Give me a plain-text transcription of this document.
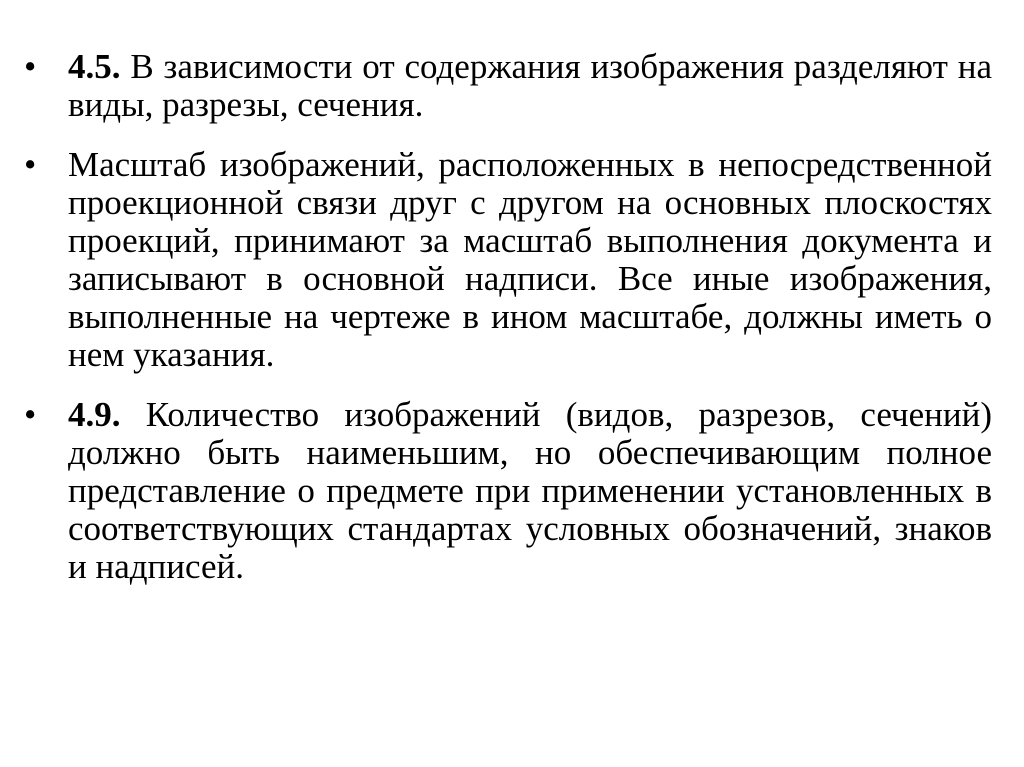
• 4.5. В зависимости от содержания изображения разделяют на виды, разрезы, сечения.
• Масштаб изображений, расположенных в непосредственной проекционной связи друг с другом на основных плоскостях проекций, принимают за масштаб выполнения документа и записывают в основной надписи. Все иные изображения, выполненные на чертеже в ином масштабе, должны иметь о нем указания.
• 4.9. Количество изображений (видов, разрезов, сечений) должно быть наименьшим, но обеспечивающим полное представление о предмете при применении установленных в соответствующих стандартах условных обозначений, знаков и надписей.
